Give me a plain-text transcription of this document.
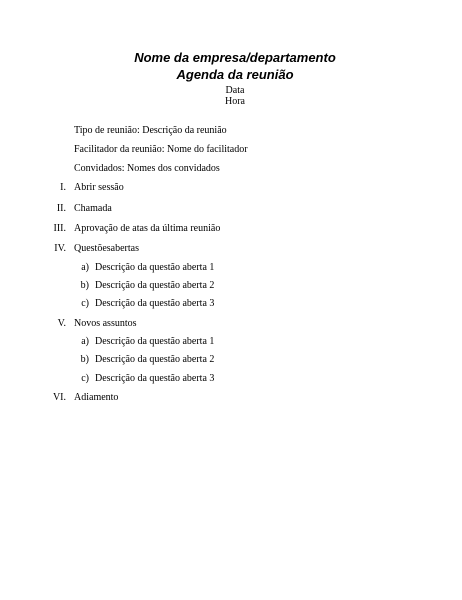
Nome da empresa/departamento
Agenda da reunião
Data
Hora
Tipo de reunião: Descrição da reunião
Facilitador da reunião: Nome do facilitador
Convidados: Nomes dos convidados
I. Abrir sessão
II. Chamada
III. Aprovação de atas da última reunião
IV. Questõesabertas
a) Descrição da questão aberta 1
b) Descrição da questão aberta 2
c) Descrição da questão aberta 3
V. Novos assuntos
a) Descrição da questão aberta 1
b) Descrição da questão aberta 2
c) Descrição da questão aberta 3
VI. Adiamento
